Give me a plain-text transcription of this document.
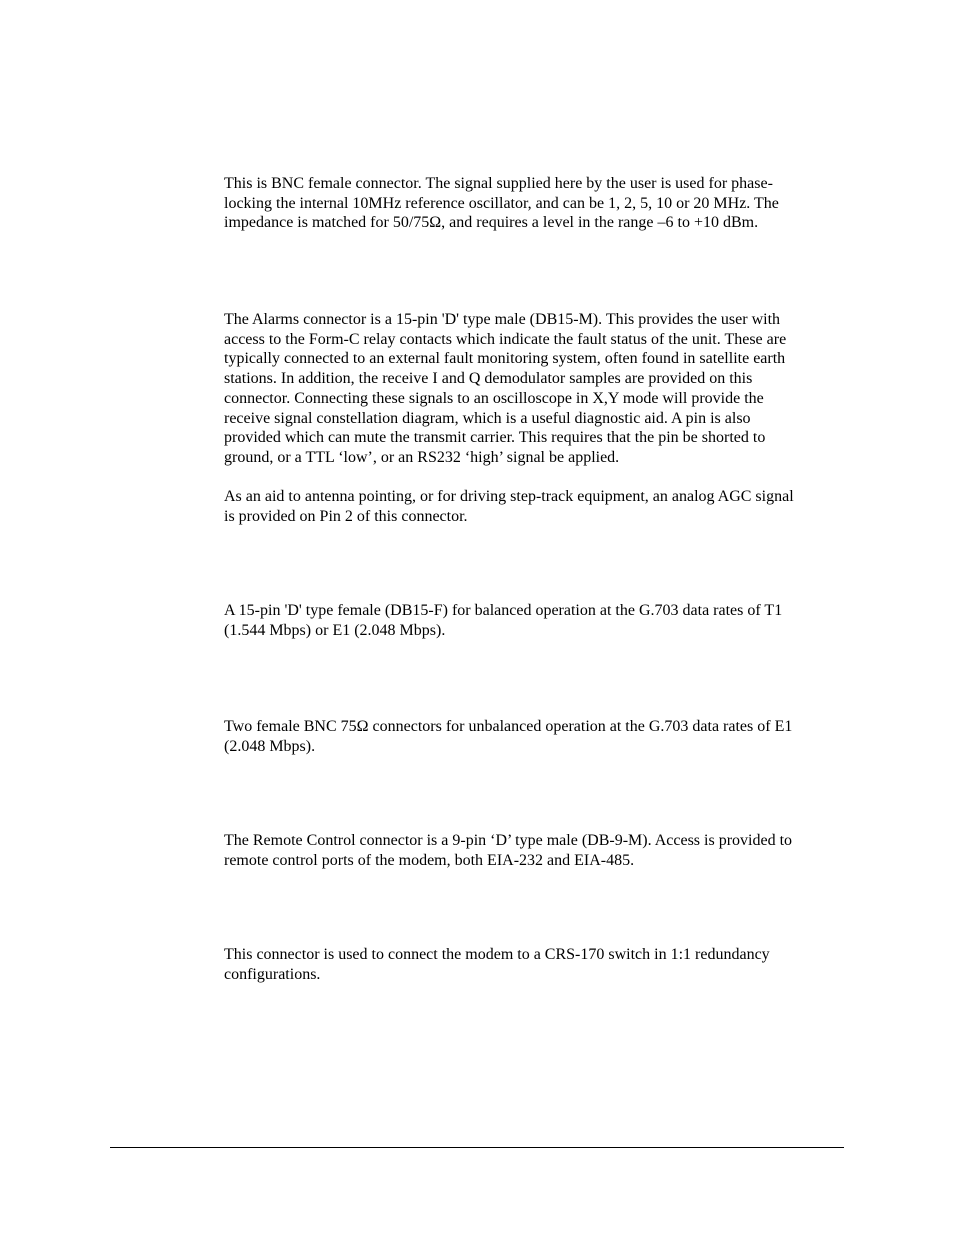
This is BNC female connector. The signal supplied here by the user is used for phase-
locking the internal 10MHz reference oscillator, and can be 1, 2, 5, 10 or 20 MHz. The
impedance is matched for 50/75Ω, and requires a level in the range –6 to +10 dBm.

The Alarms connector is a 15-pin 'D' type male (DB15-M). This provides the user with
access to the Form-C relay contacts which indicate the fault status of the unit. These are
typically connected to an external fault monitoring system, often found in satellite earth
stations. In addition, the receive I and Q demodulator samples are provided on this
connector. Connecting these signals to an oscilloscope in X,Y mode will provide the
receive signal constellation diagram, which is a useful diagnostic aid. A pin is also
provided which can mute the transmit carrier. This requires that the pin be shorted to
ground, or a TTL ‘low’, or an RS232 ‘high’ signal be applied.

As an aid to antenna pointing, or for driving step-track equipment, an analog AGC signal
is provided on Pin 2 of this connector.

A 15-pin 'D' type female (DB15-F) for balanced operation at the G.703 data rates of T1
(1.544 Mbps) or E1 (2.048 Mbps).

Two female BNC 75Ω connectors for unbalanced operation at the G.703 data rates of E1
(2.048 Mbps).

The Remote Control connector is a 9-pin ‘D’ type male (DB-9-M). Access is provided to
remote control ports of the modem, both EIA-232 and EIA-485.

This connector is used to connect the modem to a CRS-170 switch in 1:1 redundancy
configurations.
